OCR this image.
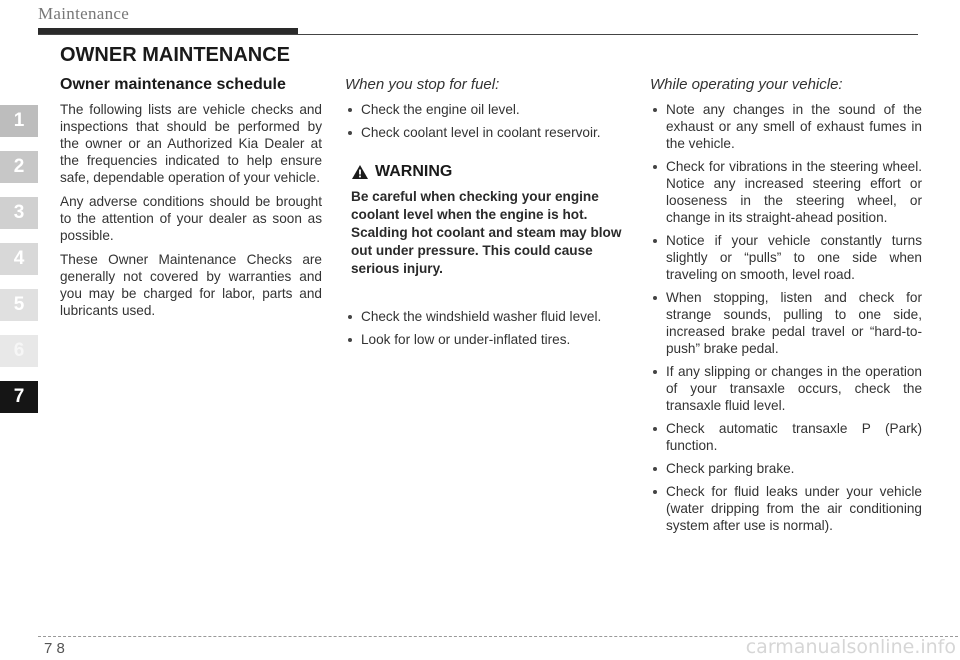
Maintenance
OWNER MAINTENANCE
1
2
3
4
5
6
7
Owner maintenance schedule

The following lists are vehicle checks and inspections that should be performed by the owner or an Authorized Kia Dealer at the frequencies indicated to help ensure safe, dependable operation of your vehicle.

Any adverse conditions should be brought to the attention of your dealer as soon as possible.

These Owner Maintenance Checks are generally not covered by warranties and you may be charged for labor, parts and lubricants used.

When you stop for fuel:
Check the engine oil level.
Check coolant level in coolant reservoir.
WARNING
Be careful when checking your engine coolant level when the engine is hot. Scalding hot coolant and steam may blow out under pressure. This could cause serious injury.
Check the windshield washer fluid level.
Look for low or under-inflated tires.
While operating your vehicle:
Note any changes in the sound of the exhaust or any smell of exhaust fumes in the vehicle.
Check for vibrations in the steering wheel. Notice any increased steering effort or looseness in the steering wheel, or change in its straight-ahead position.
Notice if your vehicle constantly turns slightly or “pulls” to one side when traveling on smooth, level road.
When stopping, listen and check for strange sounds, pulling to one side, increased brake pedal travel or “hard-to-push” brake pedal.
If any slipping or changes in the operation of your transaxle occurs, check the transaxle fluid level.
Check automatic transaxle P (Park) function.
Check parking brake.
Check for fluid leaks under your vehicle (water dripping from the air conditioning system after use is normal).
7 8	carmanualsonline.info
